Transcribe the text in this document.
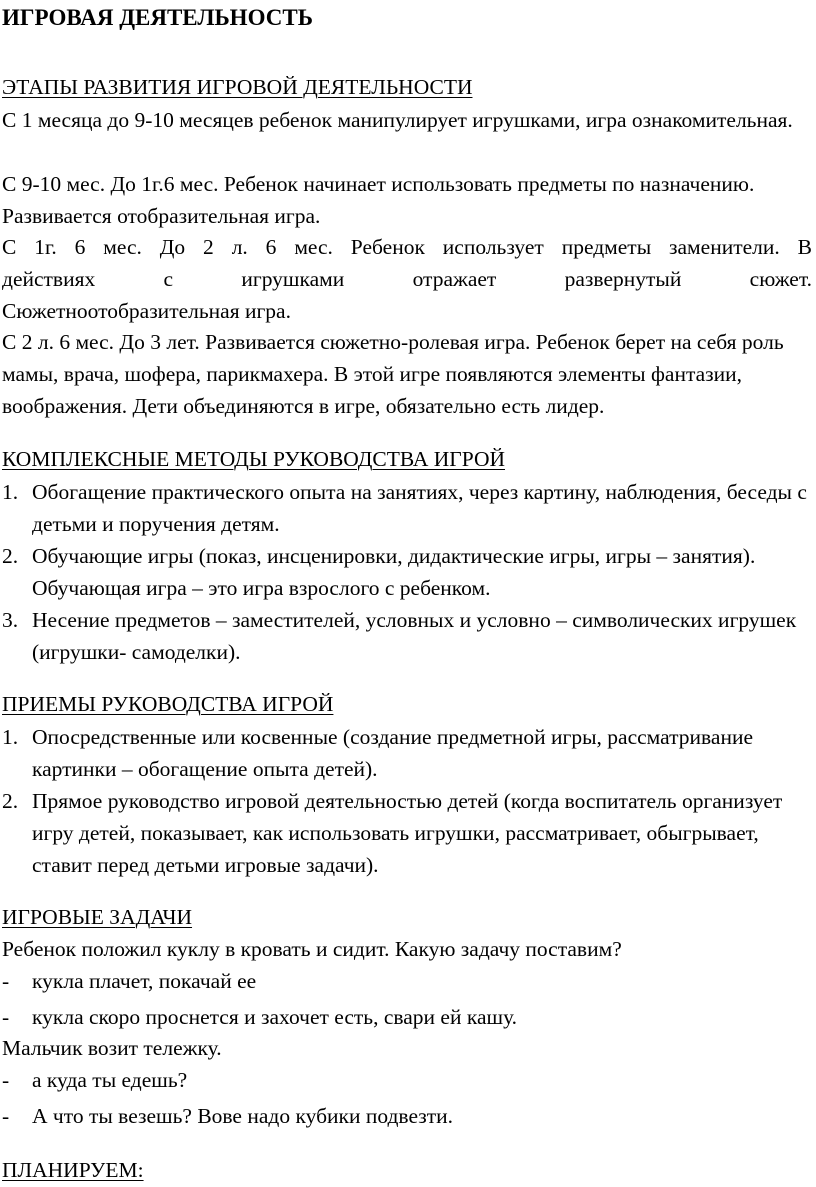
ИГРОВАЯ ДЕЯТЕЛЬНОСТЬ
ЭТАПЫ РАЗВИТИЯ ИГРОВОЙ ДЕЯТЕЛЬНОСТИ
С 1 месяца до 9-10 месяцев ребенок манипулирует игрушками, игра ознакомительная.
С 9-10 мес. До 1г.6 мес. Ребенок начинает использовать предметы по назначению. Развивается отобразительная игра.
С 1г. 6 мес. До 2 л. 6 мес. Ребенок использует предметы заменители. В
действиях с игрушками отражает развернутый сюжет.
Сюжетноотобразительная игра.
С 2 л. 6 мес. До 3 лет. Развивается сюжетно-ролевая игра. Ребенок берет на себя роль мамы, врача, шофера, парикмахера. В этой игре появляются элементы фантазии, воображения. Дети объединяются в игре, обязательно есть лидер.
КОМПЛЕКСНЫЕ МЕТОДЫ РУКОВОДСТВА ИГРОЙ
1. Обогащение практического опыта на занятиях, через картину, наблюдения, беседы с детьми и поручения детям.
2. Обучающие игры (показ, инсценировки, дидактические игры, игры – занятия). Обучающая игра – это игра взрослого с ребенком.
3. Несение предметов – заместителей, условных и условно – символических игрушек (игрушки- самоделки).
ПРИЕМЫ РУКОВОДСТВА ИГРОЙ
1. Опосредственные или косвенные (создание предметной игры, рассматривание картинки – обогащение опыта детей).
2. Прямое руководство игровой деятельностью детей (когда воспитатель организует игру детей, показывает, как использовать игрушки, рассматривает, обыгрывает, ставит перед детьми игровые задачи).
ИГРОВЫЕ ЗАДАЧИ
Ребенок положил куклу в кровать и сидит. Какую задачу поставим?
- кукла плачет, покачай ее
- кукла скоро проснется и захочет есть, свари ей кашу.
Мальчик возит тележку.
- а куда ты едешь?
- А что ты везешь? Вове надо кубики подвезти.
ПЛАНИРУЕМ:
